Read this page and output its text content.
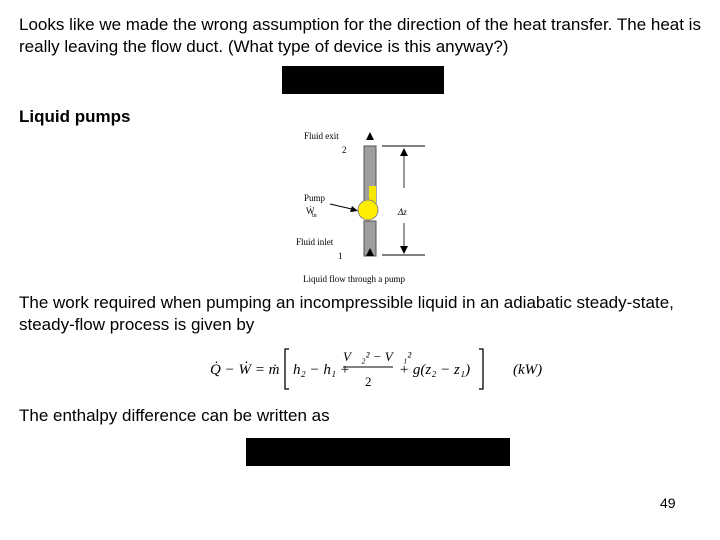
Looks like we made the wrong assumption for the direction of the heat transfer. The heat is really leaving the flow duct. (What type of device is this anyway?)
Liquid pumps
Fluid exit
2
Pump
Ẇ
in	Δz
Fluid inlet
1
Liquid flow through a pump
The work required when pumping an incompressible liquid in an adiabatic steady-state, steady-flow process is given by
Q̇ − Ẇ = ṁ h₂ − h₁ +
V⃗₂² − V⃗₁²
2
+ g(z₂ − z₁)	(kW)
The enthalpy difference can be written as
49
